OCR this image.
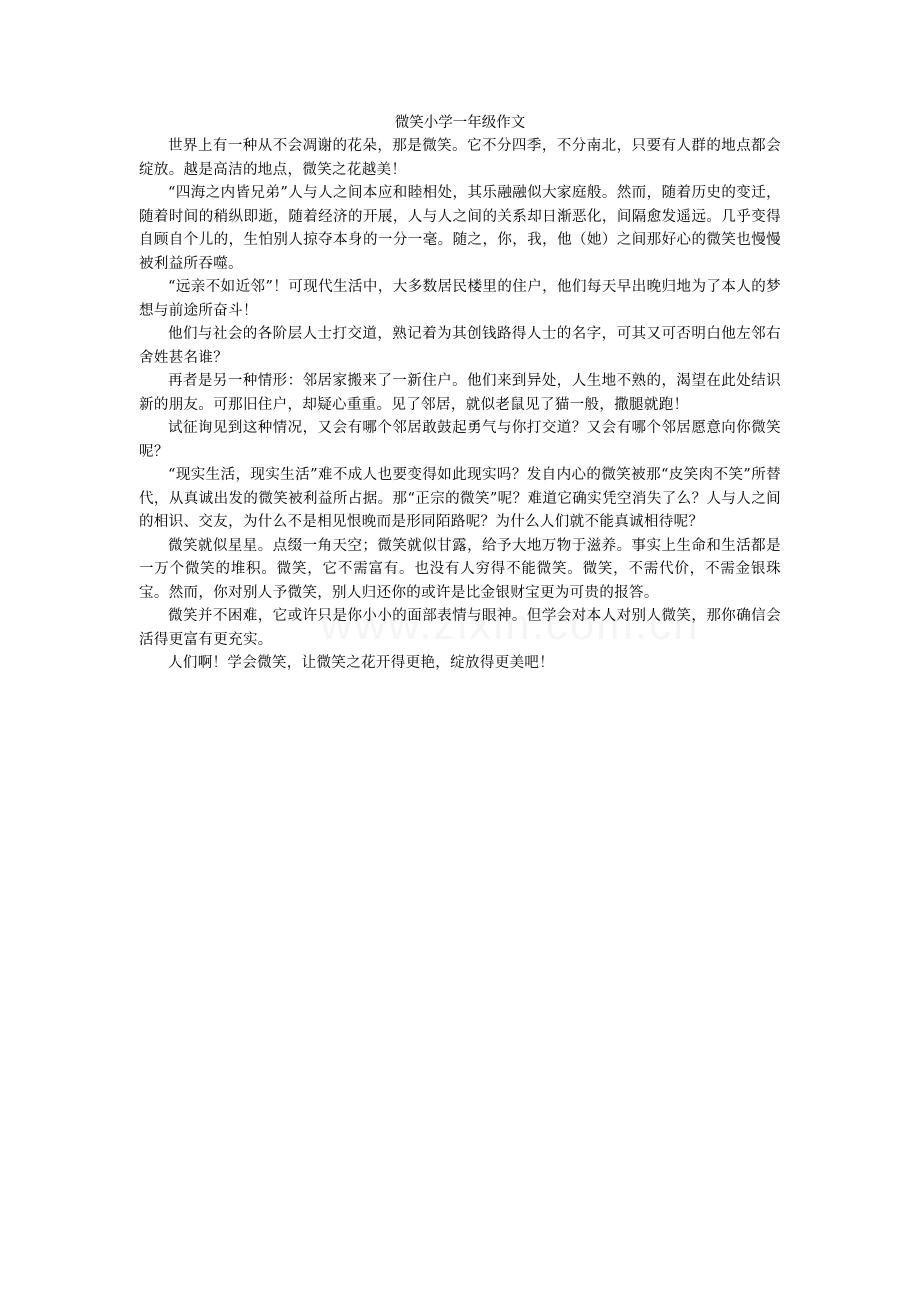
微笑小学一年级作文

世界上有一种从不会凋谢的花朵，那是微笑。它不分四季，不分南北，只要有人群的地点都会绽放。越是高洁的地点，微笑之花越美！

“四海之内皆兄弟”人与人之间本应和睦相处，其乐融融似大家庭般。然而，随着历史的变迁，随着时间的稍纵即逝，随着经济的开展，人与人之间的关系却日渐恶化，间隔愈发遥远。几乎变得自顾自个儿的，生怕别人掠夺本身的一分一毫。随之，你，我，他（她）之间那好心的微笑也慢慢被利益所吞噬。

“远亲不如近邻”！可现代生活中，大多数居民楼里的住户，他们每天早出晚归地为了本人的梦想与前途所奋斗！

他们与社会的各阶层人士打交道，熟记着为其创钱路得人士的名字，可其又可否明白他左邻右舍姓甚名谁？

再者是另一种情形：邻居家搬来了一新住户。他们来到异处，人生地不熟的，渴望在此处结识新的朋友。可那旧住户，却疑心重重。见了邻居，就似老鼠见了猫一般，撒腿就跑！

试征询见到这种情况，又会有哪个邻居敢鼓起勇气与你打交道？又会有哪个邻居愿意向你微笑呢？

“现实生活，现实生活”难不成人也要变得如此现实吗？发自内心的微笑被那“皮笑肉不笑”所替代，从真诚出发的微笑被利益所占据。那“正宗的微笑”呢？难道它确实凭空消失了么？人与人之间的相识、交友，为什么不是相见恨晚而是形同陌路呢？为什么人们就不能真诚相待呢？

微笑就似星星。点缀一角天空；微笑就似甘露，给予大地万物于滋养。事实上生命和生活都是一万个微笑的堆积。微笑，它不需富有。也没有人穷得不能微笑。微笑，不需代价，不需金银珠宝。然而，你对别人予微笑，别人归还你的或许是比金银财宝更为可贵的报答。

微笑并不困难，它或许只是你小小的面部表情与眼神。但学会对本人对别人微笑，那你确信会活得更富有更充实。

人们啊！学会微笑，让微笑之花开得更艳，绽放得更美吧！
